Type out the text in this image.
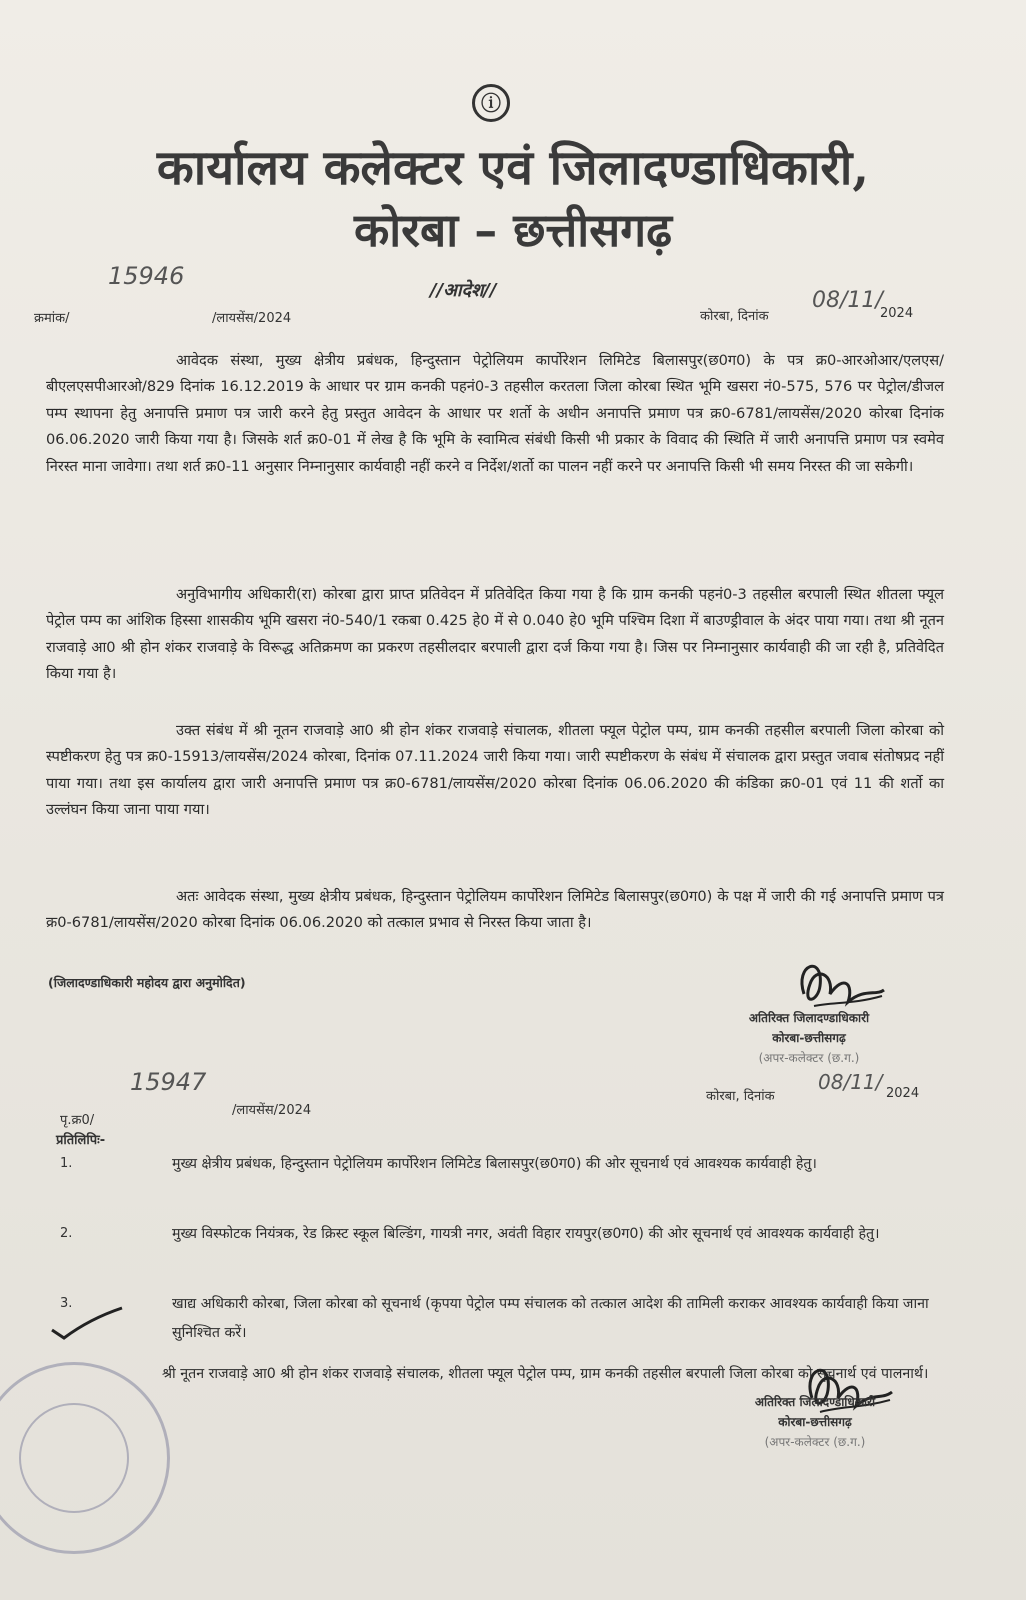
ⓘ
कार्यालय कलेक्टर एवं जिलादण्डाधिकारी,
कोरबा – छत्तीसगढ़
15946
क्रमांक/	/लायसेंस/2024
//आदेश//
कोरबा, दिनांक
08/11/
2024

आवेदक संस्था, मुख्य क्षेत्रीय प्रबंधक, हिन्दुस्तान पेट्रोलियम कार्पोरेशन लिमिटेड बिलासपुर(छ0ग0) के पत्र क्र0-आरओआर/एलएस/बीएलएसपीआरओ/829 दिनांक 16.12.2019 के आधार पर ग्राम कनकी पहनं0-3 तहसील करतला जिला कोरबा स्थित भूमि खसरा नं0-575, 576 पर पेट्रोल/डीजल पम्प स्थापना हेतु अनापत्ति प्रमाण पत्र जारी करने हेतु प्रस्तुत आवेदन के आधार पर शर्तो के अधीन अनापत्ति प्रमाण पत्र क्र0-6781/लायसेंस/2020 कोरबा दिनांक 06.06.2020 जारी किया गया है। जिसके शर्त क्र0-01 में लेख है कि भूमि के स्वामित्व संबंधी किसी भी प्रकार के विवाद की स्थिति में जारी अनापत्ति प्रमाण पत्र स्वमेव निरस्त माना जावेगा। तथा शर्त क्र0-11 अनुसार निम्नानुसार कार्यवाही नहीं करने व निर्देश/शर्तो का पालन नहीं करने पर अनापत्ति किसी भी समय निरस्त की जा सकेगी।

अनुविभागीय अधिकारी(रा) कोरबा द्वारा प्राप्त प्रतिवेदन में प्रतिवेदित किया गया है कि ग्राम कनकी पहनं0-3 तहसील बरपाली स्थित शीतला फ्यूल पेट्रोल पम्प का आंशिक हिस्सा शासकीय भूमि खसरा नं0-540/1 रकबा 0.425 हे0 में से 0.040 हे0 भूमि पश्चिम दिशा में बाउण्ड्रीवाल के अंदर पाया गया। तथा श्री नूतन राजवाड़े आ0 श्री होन शंकर राजवाड़े के विरूद्ध अतिक्रमण का प्रकरण तहसीलदार बरपाली द्वारा दर्ज किया गया है। जिस पर निम्नानुसार कार्यवाही की जा रही है, प्रतिवेदित किया गया है।

उक्त संबंध में श्री नूतन राजवाड़े आ0 श्री होन शंकर राजवाड़े संचालक, शीतला फ्यूल पेट्रोल पम्प, ग्राम कनकी तहसील बरपाली जिला कोरबा को स्पष्टीकरण हेतु पत्र क्र0-15913/लायसेंस/2024 कोरबा, दिनांक 07.11.2024 जारी किया गया। जारी स्पष्टीकरण के संबंध में संचालक द्वारा प्रस्तुत जवाब संतोषप्रद नहीं पाया गया। तथा इस कार्यालय द्वारा जारी अनापत्ति प्रमाण पत्र क्र0-6781/लायसेंस/2020 कोरबा दिनांक 06.06.2020 की कंडिका क्र0-01 एवं 11 की शर्तो का उल्लंघन किया जाना पाया गया।

अतः आवेदक संस्था, मुख्य क्षेत्रीय प्रबंधक, हिन्दुस्तान पेट्रोलियम कार्पोरेशन लिमिटेड बिलासपुर(छ0ग0) के पक्ष में जारी की गई अनापत्ति प्रमाण पत्र क्र0-6781/लायसेंस/2020 कोरबा दिनांक 06.06.2020 को तत्काल प्रभाव से निरस्त किया जाता है।

(जिलादण्डाधिकारी महोदय द्वारा अनुमोदित)
अतिरिक्त जिलादण्डाधिकारी
कोरबा-छत्तीसगढ़
(अपर-कलेक्टर (छ.ग.)
15947
पृ.क्र0/
/लायसेंस/2024
कोरबा, दिनांक
08/11/ 2024
प्रतिलिपिः-
1.	मुख्य क्षेत्रीय प्रबंधक, हिन्दुस्तान पेट्रोलियम कार्पोरेशन लिमिटेड बिलासपुर(छ0ग0) की ओर सूचनार्थ एवं आवश्यक कार्यवाही हेतु।

2.	मुख्य विस्फोटक नियंत्रक, रेड क्रिस्ट स्कूल बिल्डिंग, गायत्री नगर, अवंती विहार रायपुर(छ0ग0) की ओर सूचनार्थ एवं आवश्यक कार्यवाही हेतु।

3.	खाद्य अधिकारी कोरबा, जिला कोरबा को सूचनार्थ (कृपया पेट्रोल पम्प संचालक को तत्काल आदेश की तामिली कराकर आवश्यक कार्यवाही किया जाना सुनिश्चित करें।

श्री नूतन राजवाड़े आ0 श्री होन शंकर राजवाड़े संचालक, शीतला फ्यूल पेट्रोल पम्प, ग्राम कनकी तहसील बरपाली जिला कोरबा को सूचनार्थ एवं पालनार्थ।

अतिरिक्त जिलादण्डाधिकारी
कोरबा-छत्तीसगढ़
(अपर-कलेक्टर (छ.ग.)
